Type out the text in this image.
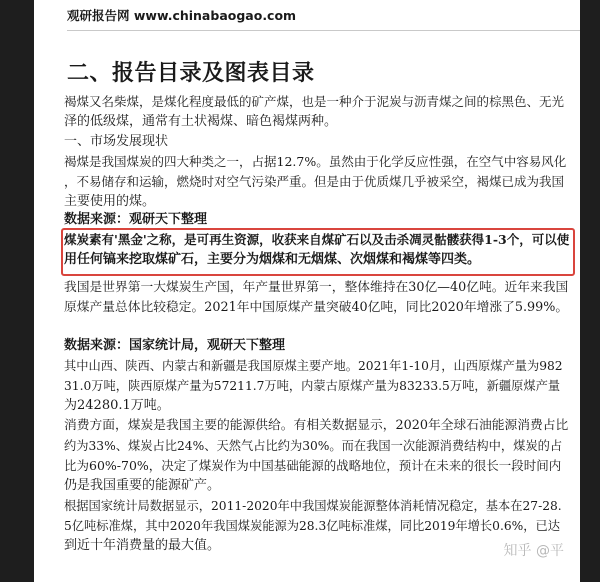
观研报告网 www.chinabaogao.com
二、报告目录及图表目录
褐煤又名柴煤，是煤化程度最低的矿产煤，也是一种介于泥炭与沥青煤之间的棕黑色、无光
泽的低级煤，通常有土状褐煤、暗色褐煤两种。
一、市场发展现状
褐煤是我国煤炭的四大种类之一，占据12.7%。虽然由于化学反应性强，在空气中容易风化
，不易储存和运输，燃烧时对空气污染严重。但是由于优质煤几乎被采空，褐煤已成为我国
主要使用的煤。
数据来源：观研天下整理
煤炭素有'黑金'之称，是可再生资源，收获来自煤矿石以及击杀凋灵骷髅获得1-3个，可以使
用任何镐来挖取煤矿石，主要分为烟煤和无烟煤、次烟煤和褐煤等四类。
我国是世界第一大煤炭生产国，年产量世界第一，整体维持在30亿—40亿吨。近年来我国
原煤产量总体比较稳定。2021年中国原煤产量突破40亿吨，同比2020年增涨了5.99%。
数据来源：国家统计局，观研天下整理
其中山西、陕西、内蒙古和新疆是我国原煤主要产地。2021年1-10月，山西原煤产量为982
31.0万吨，陕西原煤产量为57211.7万吨，内蒙古原煤产量为83233.5万吨，新疆原煤产量
为24280.1万吨。
消费方面，煤炭是我国主要的能源供给。有相关数据显示，2020年全球石油能源消费占比
约为33%、煤炭占比24%、天然气占比约为30%。而在我国一次能源消费结构中，煤炭的占
比为60%-70%，决定了煤炭作为中国基础能源的战略地位，预计在未来的很长一段时间内
仍是我国重要的能源矿产。
根据国家统计局数据显示，2011-2020年中我国煤炭能源整体消耗情况稳定，基本在27-28.
5亿吨标准煤，其中2020年我国煤炭能源为28.3亿吨标准煤，同比2019年增长0.6%，已达
到近十年消费量的最大值。	知乎 @平
